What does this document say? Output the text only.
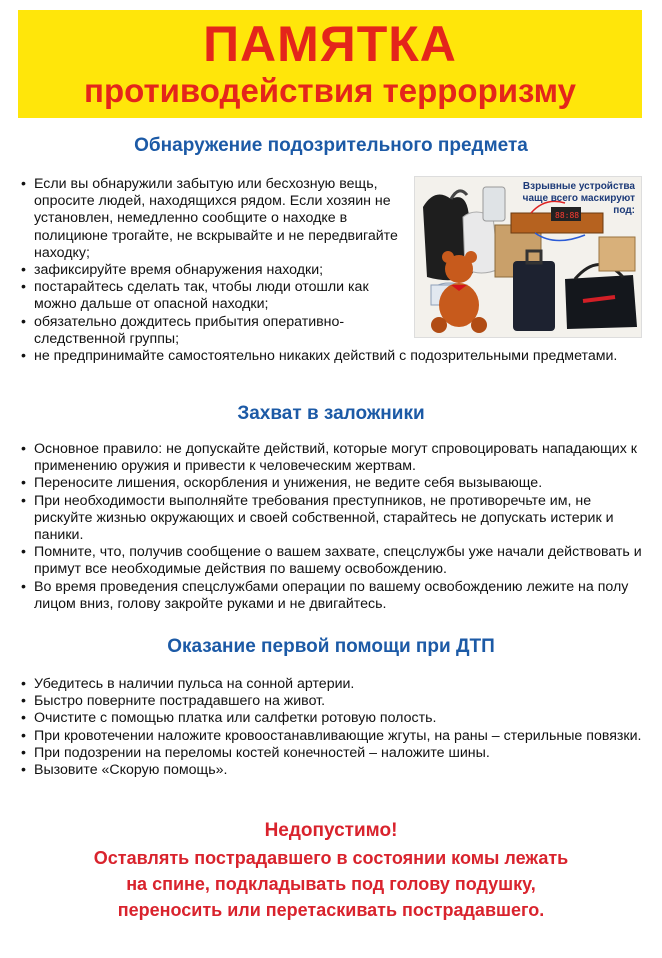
ПАМЯТКА
противодействия терроризму
Обнаружение подозрительного предмета
• Если вы обнаружили забытую или бесхозную вещь, опросите людей, находящихся рядом. Если хозяин не установлен, немедленно сообщите о находке в полициюне трогайте, не вскрывайте и не передвигайте находку;
• зафиксируйте время обнаружения находки;
• постарайтесь сделать так, чтобы люди отошли как можно дальше от опасной находки;
• обязательно дождитесь прибытия оперативно-следственной группы;
• не предпринимайте самостоятельно никаких действий с подозрительными предметами.
88:88
Взрывные устройства чаще всего маскируют под:
Захват в заложники
• Основное правило: не допускайте действий, которые могут спровоцировать нападающих к применению оружия и привести к человеческим жертвам.
• Переносите лишения, оскорбления и унижения, не ведите себя вызывающе.
• При необходимости выполняйте требования преступников, не противоречьте им, не рискуйте жизнью окружающих и своей собственной, старайтесь не допускать истерик и паники.
• Помните, что, получив сообщение о вашем захвате, спецслужбы уже начали действовать и примут все необходимые действия по вашему освобождению.
• Во время проведения спецслужбами операции по вашему освобождению лежите на полу лицом вниз, голову закройте руками и не двигайтесь.
Оказание первой помощи при ДТП
• Убедитесь в наличии пульса на сонной артерии.
• Быстро поверните пострадавшего на живот.
• Очистите с помощью платка или салфетки ротовую полость.
• При кровотечении наложите кровоостанавливающие жгуты, на раны – стерильные повязки.
• При подозрении на переломы костей конечностей – наложите шины.
• Вызовите «Скорую помощь».
Недопустимо!
Оставлять пострадавшего в состоянии комы лежать
на спине, подкладывать под голову подушку,
переносить или перетаскивать пострадавшего.
